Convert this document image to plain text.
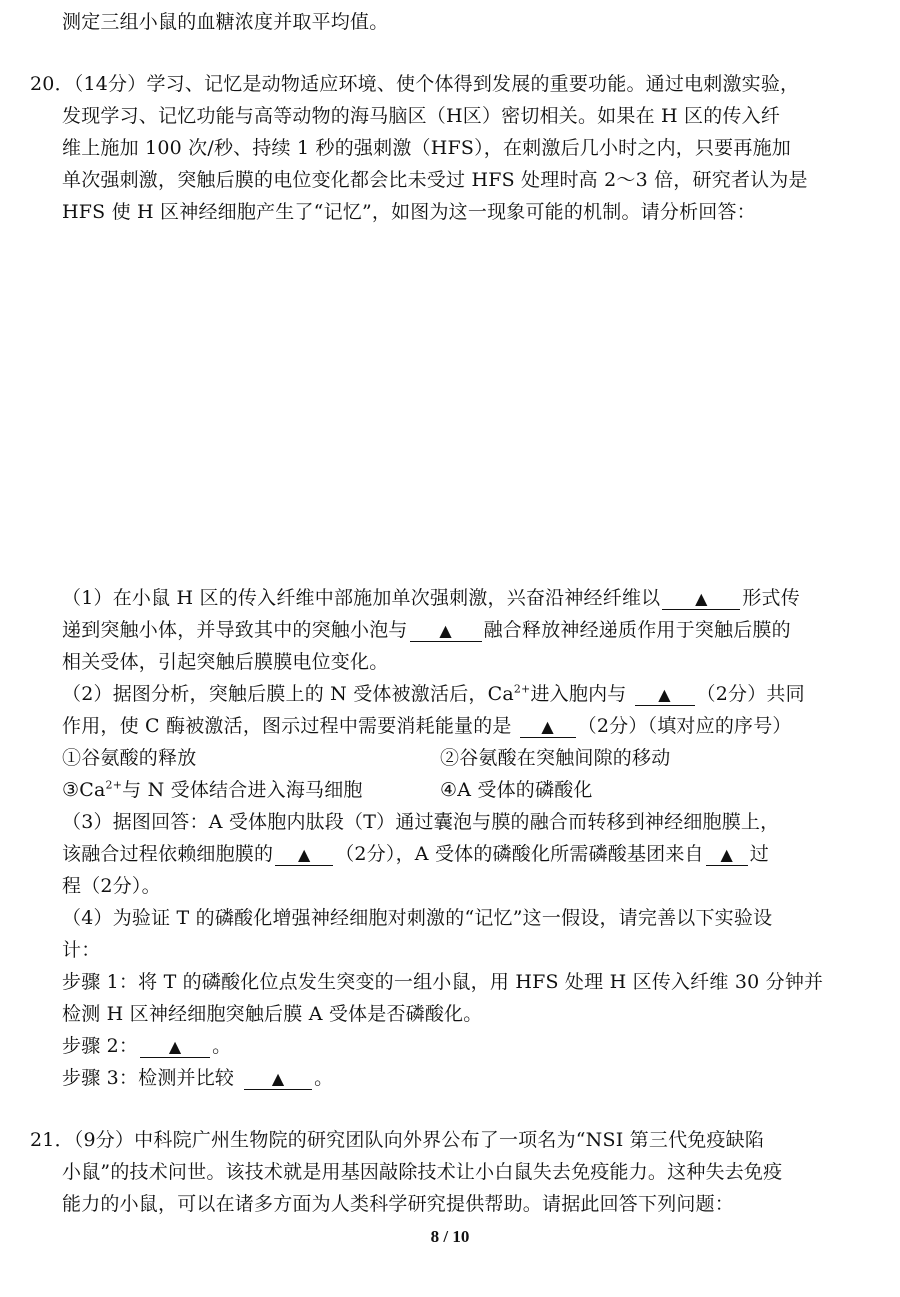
测定三组小鼠的血糖浓度并取平均值。
20．（14分）学习、记忆是动物适应环境、使个体得到发展的重要功能。通过电刺激实验，
发现学习、记忆功能与高等动物的海马脑区（H区）密切相关。如果在 H 区的传入纤
维上施加 100 次/秒、持续 1 秒的强刺激（HFS），在刺激后几小时之内，只要再施加
单次强刺激，突触后膜的电位变化都会比未受过 HFS 处理时高 2～3 倍，研究者认为是
HFS 使 H 区神经细胞产生了“记忆”，如图为这一现象可能的机制。请分析回答：
（1）在小鼠 H 区的传入纤维中部施加单次强刺激，兴奋沿神经纤维以 ▲ 形式传
递到突触小体，并导致其中的突触小泡与 ▲ 融合释放神经递质作用于突触后膜的
相关受体，引起突触后膜膜电位变化。
（2）据图分析，突触后膜上的 N 受体被激活后，$Ca^{2+}$进入胞内与 ▲ （2分）共同
作用，使 C 酶被激活，图示过程中需要消耗能量的是 ▲ （2分）（填对应的序号）
①谷氨酸的释放	②谷氨酸在突触间隙的移动
$③Ca^{2+}$与 N 受体结合进入海马细胞	④A 受体的磷酸化
（3）据图回答：A 受体胞内肽段（T）通过囊泡与膜的融合而转移到神经细胞膜上，
该融合过程依赖细胞膜的 ▲ （2分），A 受体的磷酸化所需磷酸基团来自 ▲ 过
程（2分）。
（4）为验证 T 的磷酸化增强神经细胞对刺激的“记忆”这一假设，请完善以下实验设
计：
步骤 1：将 T 的磷酸化位点发生突变的一组小鼠，用 HFS 处理 H 区传入纤维 30 分钟并
检测 H 区神经细胞突触后膜 A 受体是否磷酸化。
步骤 2： ▲ 。
步骤 3：检测并比较 ▲ 。
21．（9分）中科院广州生物院的研究团队向外界公布了一项名为“NSI 第三代免疫缺陷
小鼠”的技术问世。该技术就是用基因敲除技术让小白鼠失去免疫能力。这种失去免疫
能力的小鼠，可以在诸多方面为人类科学研究提供帮助。请据此回答下列问题：
8 / 10
